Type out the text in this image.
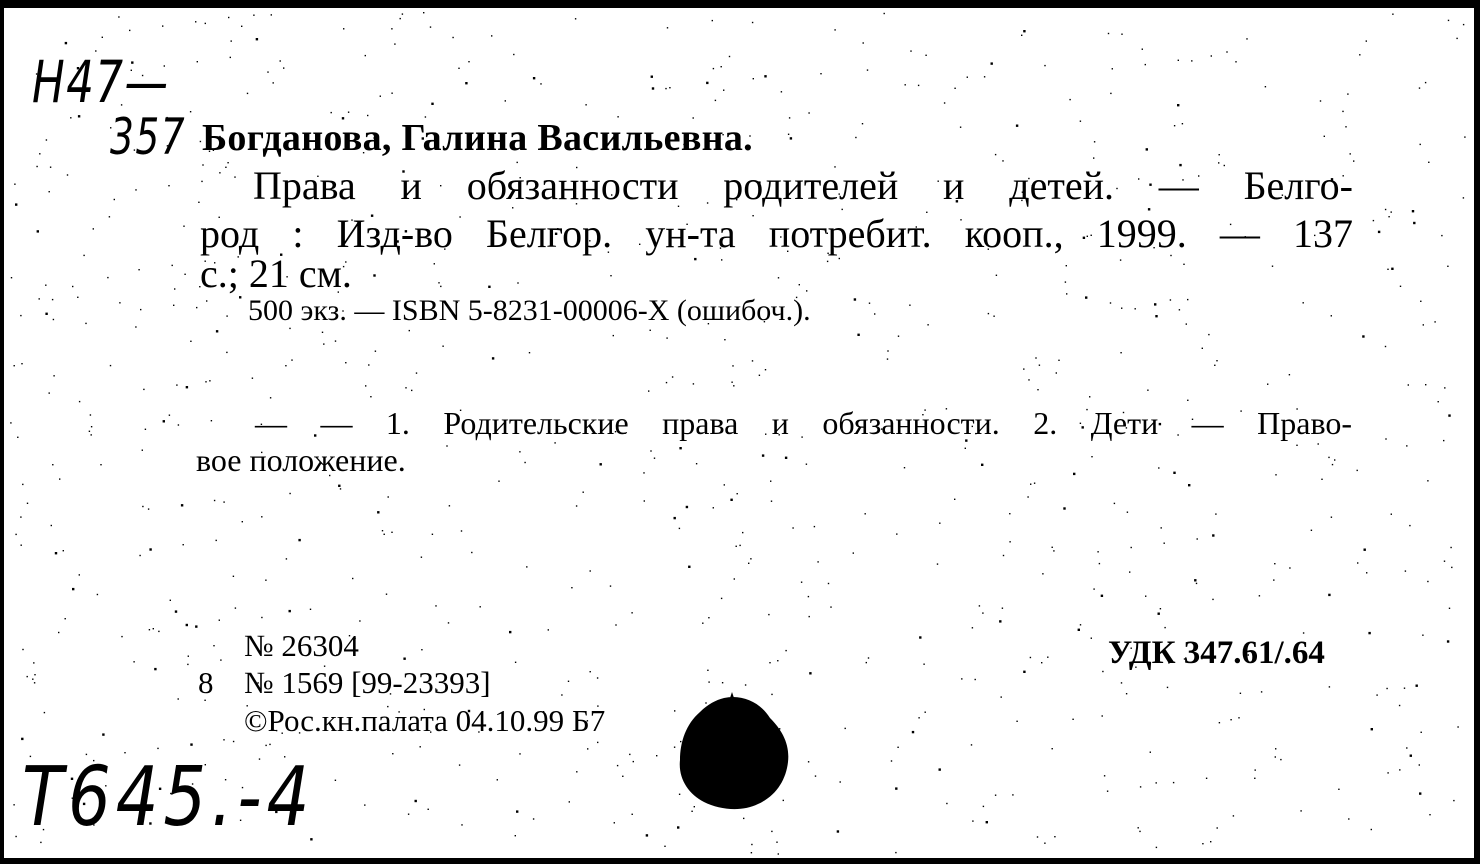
Н47—
357 Богданова, Галина Васильевна.
Права и обязанности родителей и детей. — Белго-
род : Изд-во Белгор. ун-та потребит. кооп., 1999. — 137
с.; 21 см.
500 экз. — ISBN 5-8231-00006-Х (ошибоч.).
— — 1. Родительские права и обязанности. 2. Дети — Право-
вое положение.
№ 26304
8 № 1569 [99-23393]
©Рос.кн.палата 04.10.99 Б7
УДК 347.61/.64
Т645.-4
